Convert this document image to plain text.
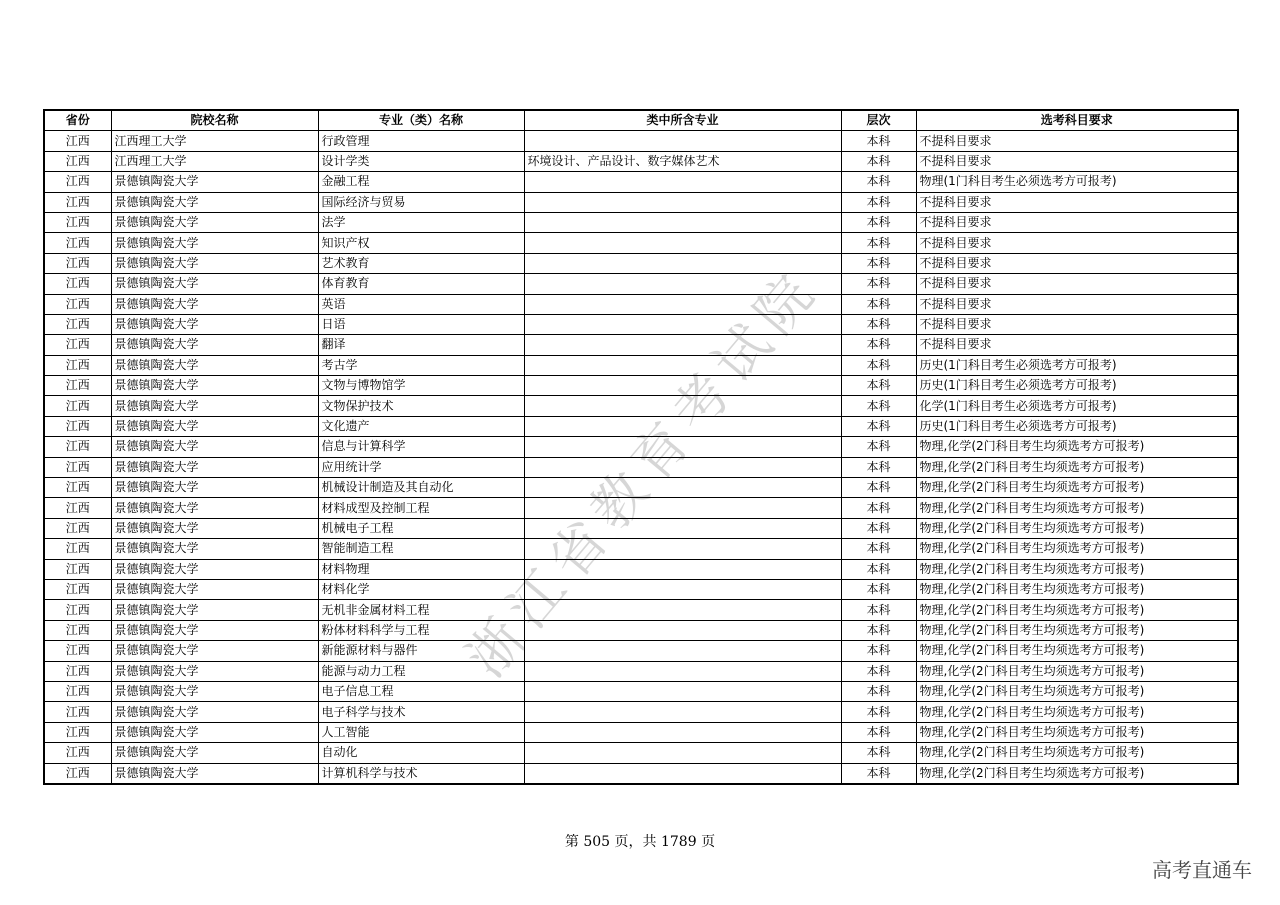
省份	院校名称	专业（类）名称	类中所含专业	层次	选考科目要求
江西	江西理工大学	行政管理		本科	不提科目要求
江西	江西理工大学	设计学类	环境设计、产品设计、数字媒体艺术	本科	不提科目要求
江西	景德镇陶瓷大学	金融工程		本科	物理(1门科目考生必须选考方可报考)
江西	景德镇陶瓷大学	国际经济与贸易		本科	不提科目要求
江西	景德镇陶瓷大学	法学		本科	不提科目要求
江西	景德镇陶瓷大学	知识产权		本科	不提科目要求
江西	景德镇陶瓷大学	艺术教育		本科	不提科目要求
江西	景德镇陶瓷大学	体育教育		本科	不提科目要求
江西	景德镇陶瓷大学	英语		本科	不提科目要求
江西	景德镇陶瓷大学	日语		本科	不提科目要求
江西	景德镇陶瓷大学	翻译		本科	不提科目要求
江西	景德镇陶瓷大学	考古学		本科	历史(1门科目考生必须选考方可报考)
江西	景德镇陶瓷大学	文物与博物馆学		本科	历史(1门科目考生必须选考方可报考)
江西	景德镇陶瓷大学	文物保护技术		本科	化学(1门科目考生必须选考方可报考)
江西	景德镇陶瓷大学	文化遗产		本科	历史(1门科目考生必须选考方可报考)
江西	景德镇陶瓷大学	信息与计算科学		本科	物理,化学(2门科目考生均须选考方可报考)
江西	景德镇陶瓷大学	应用统计学		本科	物理,化学(2门科目考生均须选考方可报考)
江西	景德镇陶瓷大学	机械设计制造及其自动化		本科	物理,化学(2门科目考生均须选考方可报考)
江西	景德镇陶瓷大学	材料成型及控制工程		本科	物理,化学(2门科目考生均须选考方可报考)
江西	景德镇陶瓷大学	机械电子工程		本科	物理,化学(2门科目考生均须选考方可报考)
江西	景德镇陶瓷大学	智能制造工程		本科	物理,化学(2门科目考生均须选考方可报考)
江西	景德镇陶瓷大学	材料物理		本科	物理,化学(2门科目考生均须选考方可报考)
江西	景德镇陶瓷大学	材料化学		本科	物理,化学(2门科目考生均须选考方可报考)
江西	景德镇陶瓷大学	无机非金属材料工程		本科	物理,化学(2门科目考生均须选考方可报考)
江西	景德镇陶瓷大学	粉体材料科学与工程		本科	物理,化学(2门科目考生均须选考方可报考)
江西	景德镇陶瓷大学	新能源材料与器件		本科	物理,化学(2门科目考生均须选考方可报考)
江西	景德镇陶瓷大学	能源与动力工程		本科	物理,化学(2门科目考生均须选考方可报考)
江西	景德镇陶瓷大学	电子信息工程		本科	物理,化学(2门科目考生均须选考方可报考)
江西	景德镇陶瓷大学	电子科学与技术		本科	物理,化学(2门科目考生均须选考方可报考)
江西	景德镇陶瓷大学	人工智能		本科	物理,化学(2门科目考生均须选考方可报考)
江西	景德镇陶瓷大学	自动化		本科	物理,化学(2门科目考生均须选考方可报考)
江西	景德镇陶瓷大学	计算机科学与技术		本科	物理,化学(2门科目考生均须选考方可报考)
浙江省教育考试院
第 505 页，共 1789 页
高考直通车
